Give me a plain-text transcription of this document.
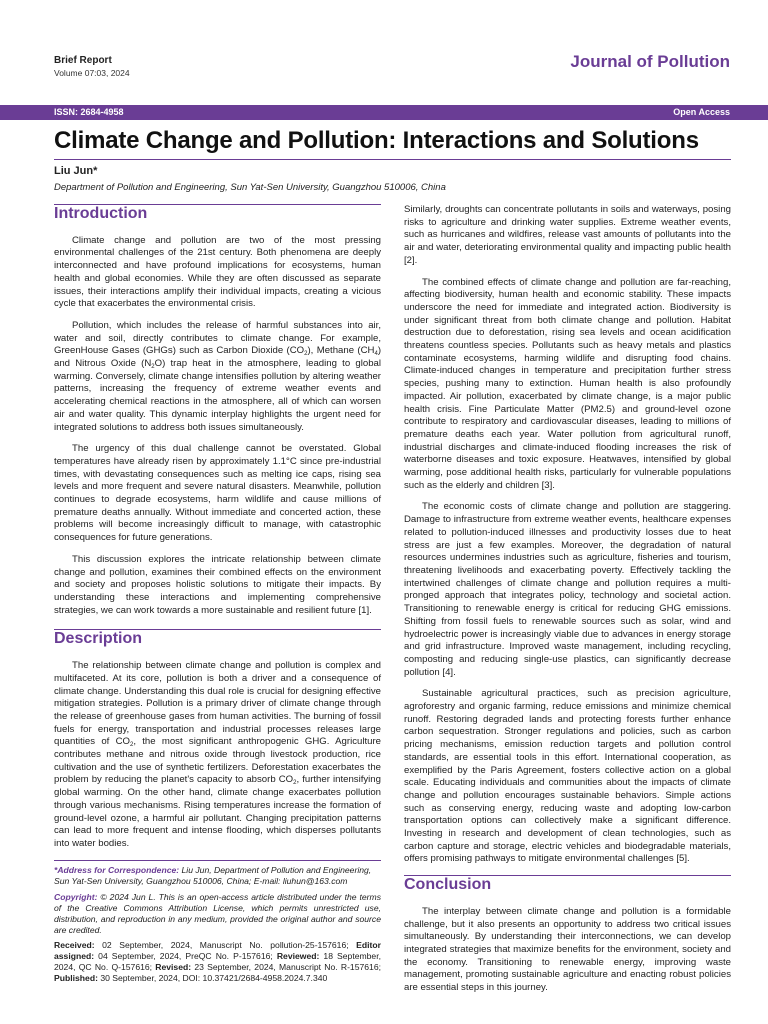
Brief Report
Volume 07:03, 2024
Journal of Pollution
ISSN: 2684-4958	Open Access
Climate Change and Pollution: Interactions and Solutions
Liu Jun*
Department of Pollution and Engineering, Sun Yat-Sen University, Guangzhou 510006, China
Introduction

Climate change and pollution are two of the most pressing environmental challenges of the 21st century. Both phenomena are deeply interconnected and have profound implications for ecosystems, human health and global economies. While they are often discussed as separate issues, their interactions amplify their individual impacts, creating a vicious cycle that exacerbates the environmental crisis.

Pollution, which includes the release of harmful substances into air, water and soil, directly contributes to climate change. For example, GreenHouse Gases (GHGs) such as Carbon Dioxide $(CO_2)$, Methane $(CH_4)$ and Nitrous Oxide $(N_2O)$ trap heat in the atmosphere, leading to global warming. Conversely, climate change intensifies pollution by altering weather patterns, increasing the frequency of extreme weather events and accelerating chemical reactions in the atmosphere, all of which can worsen air and water quality. This dynamic interplay highlights the urgent need for integrated solutions to address both issues simultaneously.

The urgency of this dual challenge cannot be overstated. Global temperatures have already risen by approximately 1.1°C since pre-industrial times, with devastating consequences such as melting ice caps, rising sea levels and more frequent and severe natural disasters. Meanwhile, pollution continues to degrade ecosystems, harm wildlife and cause millions of premature deaths annually. Without immediate and concerted action, these problems will become increasingly difficult to manage, with catastrophic consequences for future generations.

This discussion explores the intricate relationship between climate change and pollution, examines their combined effects on the environment and society and proposes holistic solutions to mitigate their impacts. By understanding these interactions and implementing comprehensive strategies, we can work towards a more sustainable and resilient future [1].

Description

The relationship between climate change and pollution is complex and multifaceted. At its core, pollution is both a driver and a consequence of climate change. Understanding this dual role is crucial for designing effective mitigation strategies. Pollution is a primary driver of climate change through the release of greenhouse gases from human activities. The burning of fossil fuels for energy, transportation and industrial processes releases large quantities of $CO_2$, the most significant anthropogenic GHG. Agriculture contributes methane and nitrous oxide through livestock production, rice cultivation and the use of synthetic fertilizers. Deforestation exacerbates the problem by reducing the planet's capacity to absorb $CO_2$, further intensifying global warming. On the other hand, climate change exacerbates pollution through various mechanisms. Rising temperatures increase the formation of ground-level ozone, a harmful air pollutant. Changing precipitation patterns can lead to more frequent and intense flooding, which disperses pollutants into water bodies.

*Address for Correspondence: Liu Jun, Department of Pollution and Engineering, Sun Yat-Sen University, Guangzhou 510006, China; E-mail: liuhun@163.com
Copyright: © 2024 Jun L. This is an open-access article distributed under the terms of the Creative Commons Attribution License, which permits unrestricted use, distribution, and reproduction in any medium, provided the original author and source are credited.
Received: 02 September, 2024, Manuscript No. pollution-25-157616; Editor assigned: 04 September, 2024, PreQC No. P-157616; Reviewed: 18 September, 2024, QC No. Q-157616; Revised: 23 September, 2024, Manuscript No. R-157616; Published: 30 September, 2024, DOI: 10.37421/2684-4958.2024.7.340

Similarly, droughts can concentrate pollutants in soils and waterways, posing risks to agriculture and drinking water supplies. Extreme weather events, such as hurricanes and wildfires, release vast amounts of pollutants into the air and water, deteriorating environmental quality and impacting public health [2].

The combined effects of climate change and pollution are far-reaching, affecting biodiversity, human health and economic stability. These impacts underscore the need for immediate and integrated action. Biodiversity is under significant threat from both climate change and pollution. Habitat destruction due to deforestation, rising sea levels and ocean acidification threatens countless species. Pollutants such as heavy metals and plastics contaminate ecosystems, harming wildlife and disrupting food chains. Climate-induced changes in temperature and precipitation further stress species, pushing many to extinction. Human health is also profoundly impacted. Air pollution, exacerbated by climate change, is a major public health crisis. Fine Particulate Matter (PM2.5) and ground-level ozone contribute to respiratory and cardiovascular diseases, leading to millions of premature deaths each year. Water pollution from agricultural runoff, industrial discharges and climate-induced flooding increases the risk of waterborne diseases and toxic exposure. Heatwaves, intensified by global warming, pose additional health risks, particularly for vulnerable populations such as the elderly and children [3].

The economic costs of climate change and pollution are staggering. Damage to infrastructure from extreme weather events, healthcare expenses related to pollution-induced illnesses and productivity losses due to heat stress are just a few examples. Moreover, the degradation of natural resources undermines industries such as agriculture, fisheries and tourism, threatening livelihoods and exacerbating poverty. Effectively tackling the intertwined challenges of climate change and pollution requires a multi-pronged approach that integrates policy, technology and societal action. Transitioning to renewable energy is critical for reducing GHG emissions. Shifting from fossil fuels to renewable sources such as solar, wind and hydroelectric power is increasingly viable due to advances in energy storage and grid infrastructure. Improved waste management, including recycling, composting and reducing single-use plastics, can significantly decrease pollution [4].

Sustainable agricultural practices, such as precision agriculture, agroforestry and organic farming, reduce emissions and minimize chemical runoff. Restoring degraded lands and protecting forests further enhance carbon sequestration. Stronger regulations and policies, such as carbon pricing mechanisms, emission reduction targets and pollution control standards, are essential tools in this effort. International cooperation, as exemplified by the Paris Agreement, fosters collective action on a global scale. Educating individuals and communities about the impacts of climate change and pollution encourages sustainable behaviors. Simple actions such as conserving energy, reducing waste and adopting low-carbon transportation options can collectively make a significant difference. Investing in research and development of clean technologies, such as carbon capture and storage, electric vehicles and biodegradable materials, offers promising pathways to mitigate environmental challenges [5].

Conclusion

The interplay between climate change and pollution is a formidable challenge, but it also presents an opportunity to address two critical issues simultaneously. By understanding their interconnections, we can develop integrated strategies that maximize benefits for the environment, society and the economy. Transitioning to renewable energy, improving waste management, promoting sustainable agriculture and enacting robust policies are essential steps in this journey.
